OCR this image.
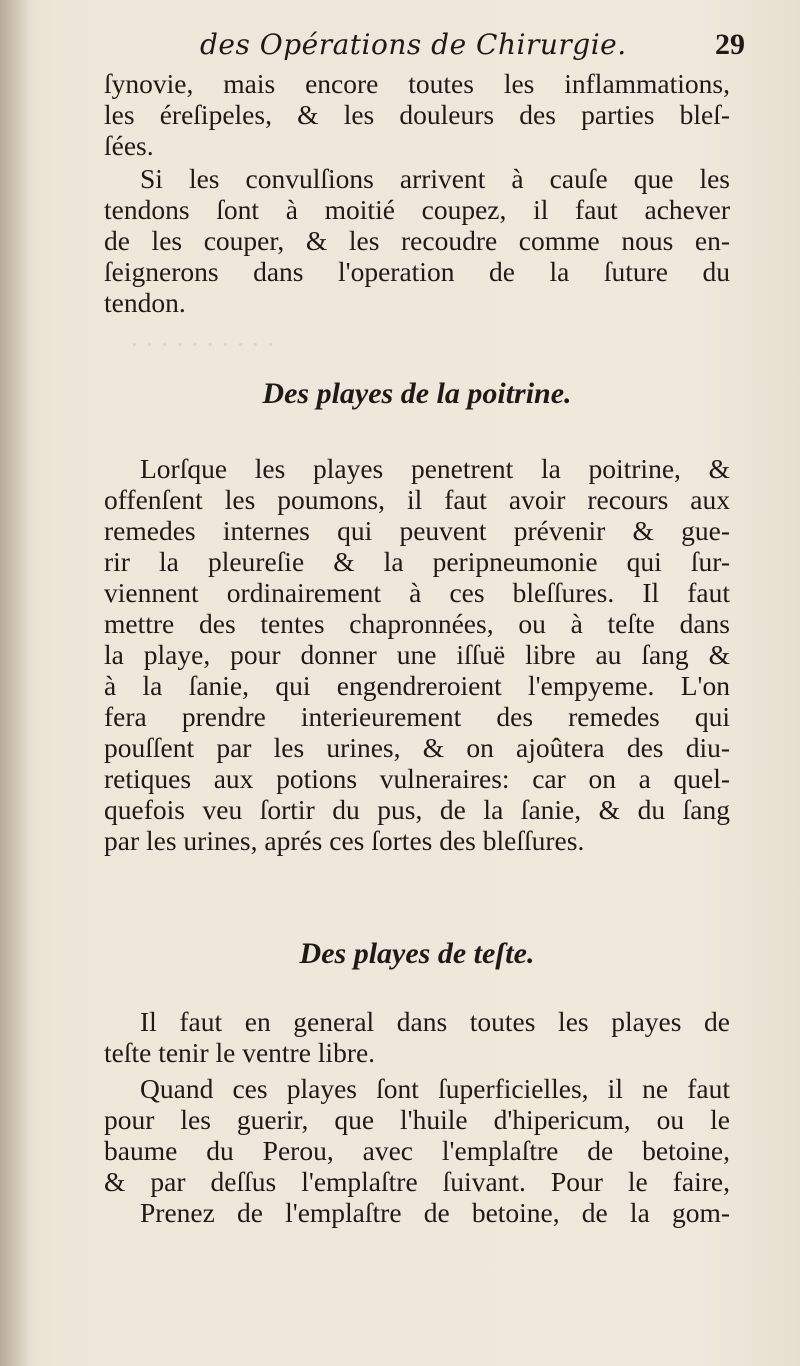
· · · · · · · · · ·
des Opérations de Chirurgie.	29
ſynovie, mais encore toutes les inflammations,
les éreſipeles, & les douleurs des parties bleſ-
ſées.
Si les convulſions arrivent à cauſe que les
tendons ſont à moitié coupez, il faut achever
de les couper, & les recoudre comme nous en-
ſeignerons dans l'operation de la ſuture du
tendon.
Des playes de la poitrine.
Lorſque les playes penetrent la poitrine, &
offenſent les poumons, il faut avoir recours aux
remedes internes qui peuvent prévenir & gue-
rir la pleureſie & la peripneumonie qui ſur-
viennent ordinairement à ces bleſſures. Il faut
mettre des tentes chapronnées, ou à teſte dans
la playe, pour donner une iſſuë libre au ſang &
à la ſanie, qui engendreroient l'empyeme. L'on
fera prendre interieurement des remedes qui
pouſſent par les urines, & on ajoûtera des diu-
retiques aux potions vulneraires: car on a quel-
quefois veu ſortir du pus, de la ſanie, & du ſang
par les urines, aprés ces ſortes des bleſſures.
Des playes de teſte.
Il faut en general dans toutes les playes de
teſte tenir le ventre libre.
Quand ces playes ſont ſuperficielles, il ne faut
pour les guerir, que l'huile d'hipericum, ou le
baume du Perou, avec l'emplaſtre de betoine,
& par deſſus l'emplaſtre ſuivant. Pour le faire,
Prenez de l'emplaſtre de betoine, de la gom-
